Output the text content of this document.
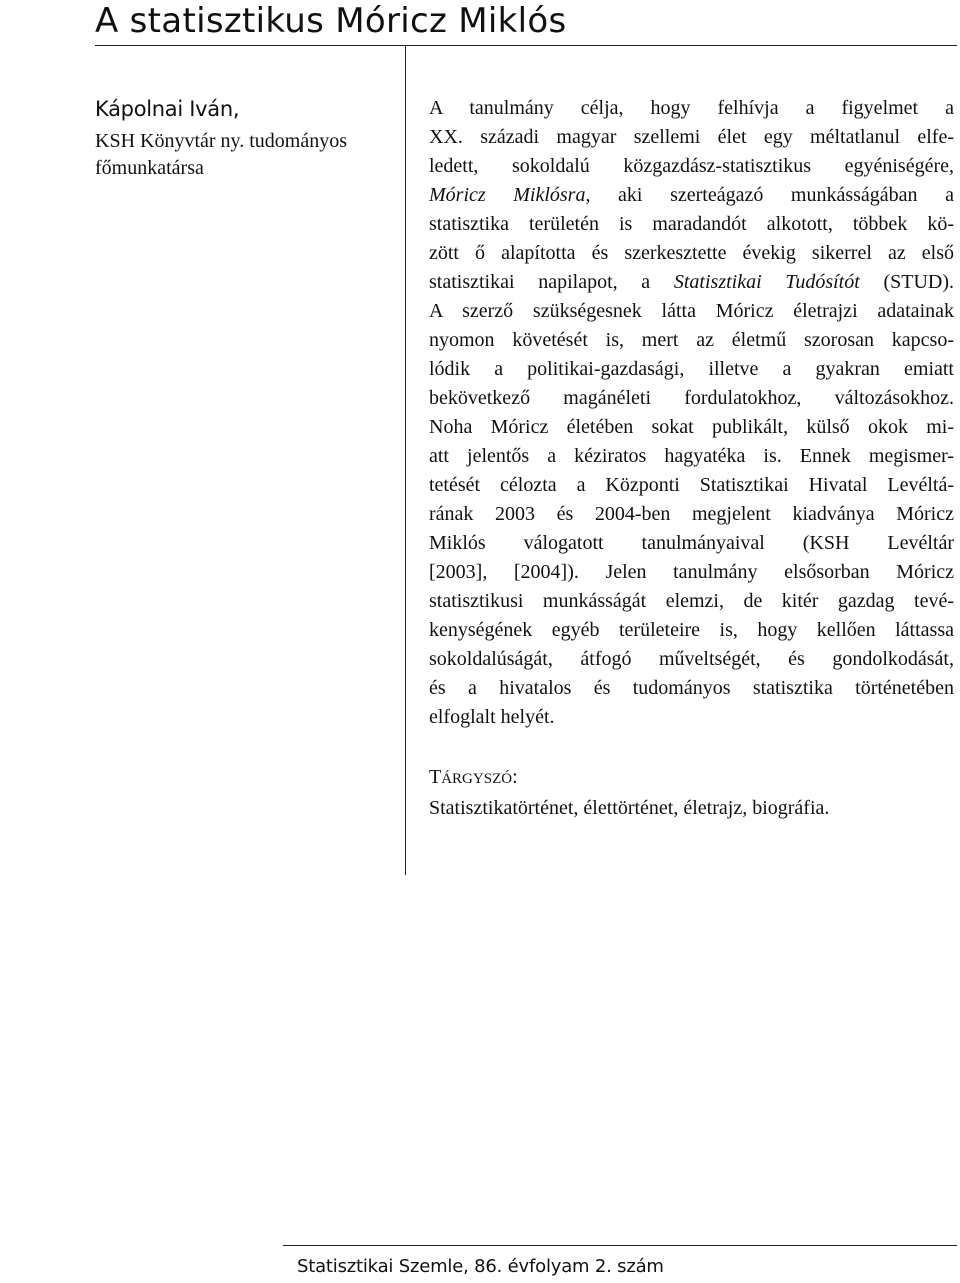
A statisztikus Móricz Miklós
Kápolnai Iván,
KSH Könyvtár ny. tudományos főmunkatársa
A tanulmány célja, hogy felhívja a figyelmet a
XX. századi magyar szellemi élet egy méltatlanul elfe-
ledett, sokoldalú közgazdász-statisztikus egyéniségére,
Móricz Miklósra, aki szerteágazó munkásságában a
statisztika területén is maradandót alkotott, többek kö-
zött ő alapította és szerkesztette évekig sikerrel az első
statisztikai napilapot, a Statisztikai Tudósítót (STUD).
A szerző szükségesnek látta Móricz életrajzi adatainak
nyomon követését is, mert az életmű szorosan kapcso-
lódik a politikai-gazdasági, illetve a gyakran emiatt
bekövetkező magánéleti fordulatokhoz, változásokhoz.
Noha Móricz életében sokat publikált, külső okok mi-
att jelentős a kéziratos hagyatéka is. Ennek megismer-
tetését célozta a Központi Statisztikai Hivatal Levéltá-
rának 2003 és 2004-ben megjelent kiadványa Móricz
Miklós válogatott tanulmányaival (KSH Levéltár
[2003], [2004]). Jelen tanulmány elsősorban Móricz
statisztikusi munkásságát elemzi, de kitér gazdag tevé-
kenységének egyéb területeire is, hogy kellően láttassa
sokoldalúságát, átfogó műveltségét, és gondolkodását,
és a hivatalos és tudományos statisztika történetében
elfoglalt helyét.
TÁRGYSZÓ:
Statisztikatörténet, élettörténet, életrajz, biográfia.
Statisztikai Szemle, 86. évfolyam 2. szám
